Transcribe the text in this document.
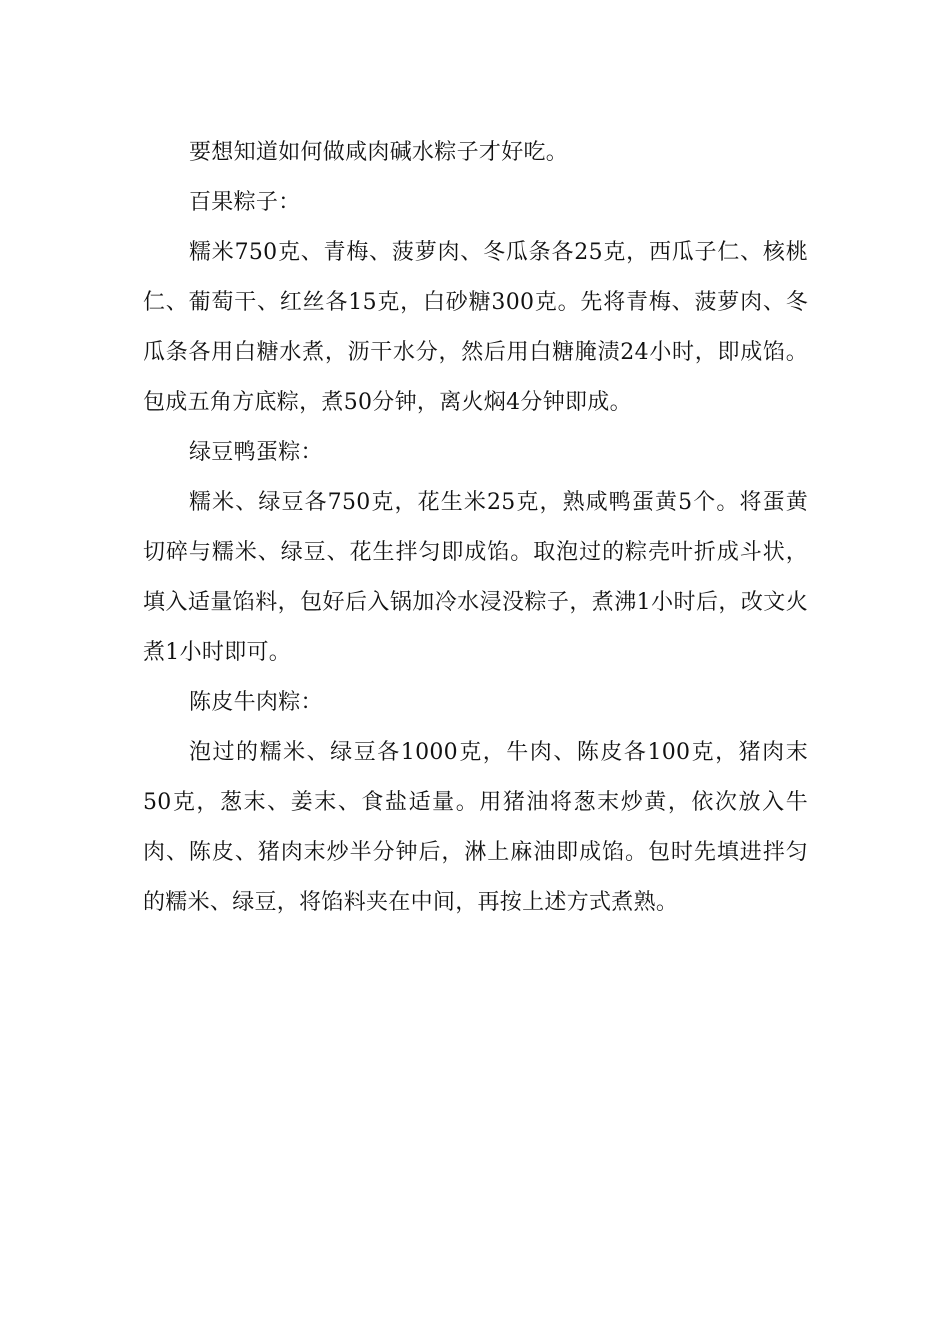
要想知道如何做咸肉碱水粽子才好吃。

百果粽子：

糯米750克、青梅、菠萝肉、冬瓜条各25克，西瓜子仁、核桃仁、葡萄干、红丝各15克，白砂糖300克。先将青梅、菠萝肉、冬瓜条各用白糖水煮，沥干水分，然后用白糖腌渍24小时，即成馅。包成五角方底粽，煮50分钟，离火焖4分钟即成。

绿豆鸭蛋粽：

糯米、绿豆各750克，花生米25克，熟咸鸭蛋黄5个。将蛋黄切碎与糯米、绿豆、花生拌匀即成馅。取泡过的粽壳叶折成斗状，填入适量馅料，包好后入锅加冷水浸没粽子，煮沸1小时后，改文火煮1小时即可。

陈皮牛肉粽：

泡过的糯米、绿豆各1000克，牛肉、陈皮各100克，猪肉末50克，葱末、姜末、食盐适量。用猪油将葱末炒黄，依次放入牛肉、陈皮、猪肉末炒半分钟后，淋上麻油即成馅。包时先填进拌匀的糯米、绿豆，将馅料夹在中间，再按上述方式煮熟。
